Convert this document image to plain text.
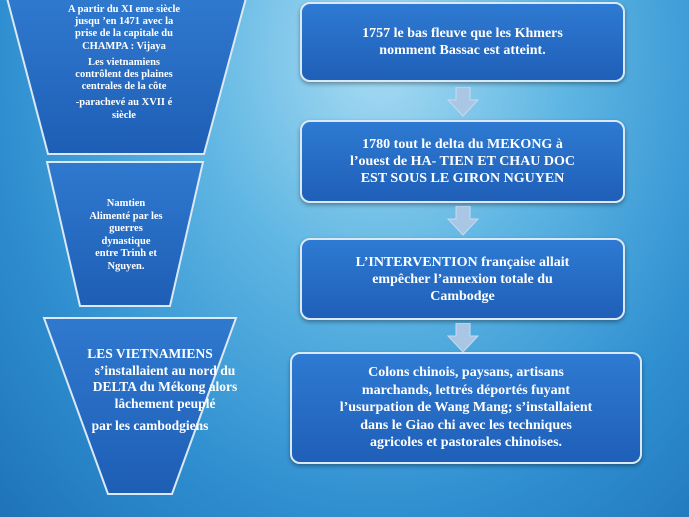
A partir du XI eme siècle
jusqu ’en 1471 avec la
prise de la capitale du
CHAMPA : Vijaya
Les vietnamiens
contrôlent des plaines
centrales de la côte
-parachevé au XVII é
siècle
Namtien
Alimenté par les
guerres
dynastique
entre Trinh et
Nguyen.
LES VIETNAMIENS
s’installaient au nord du
DELTA du Mékong alors
lâchement peuplé
par les cambodgiens
1757 le bas fleuve que les Khmers
nomment Bassac est atteint.
1780 tout le delta du MEKONG à
l’ouest de HA- TIEN ET CHAU DOC
EST SOUS LE GIRON NGUYEN
L’INTERVENTION française allait
empêcher l’annexion totale du
Cambodge
Colons chinois, paysans, artisans
marchands, lettrés déportés fuyant
l’usurpation de Wang Mang; s’installaient
dans le Giao chi avec les techniques
agricoles et pastorales chinoises.
